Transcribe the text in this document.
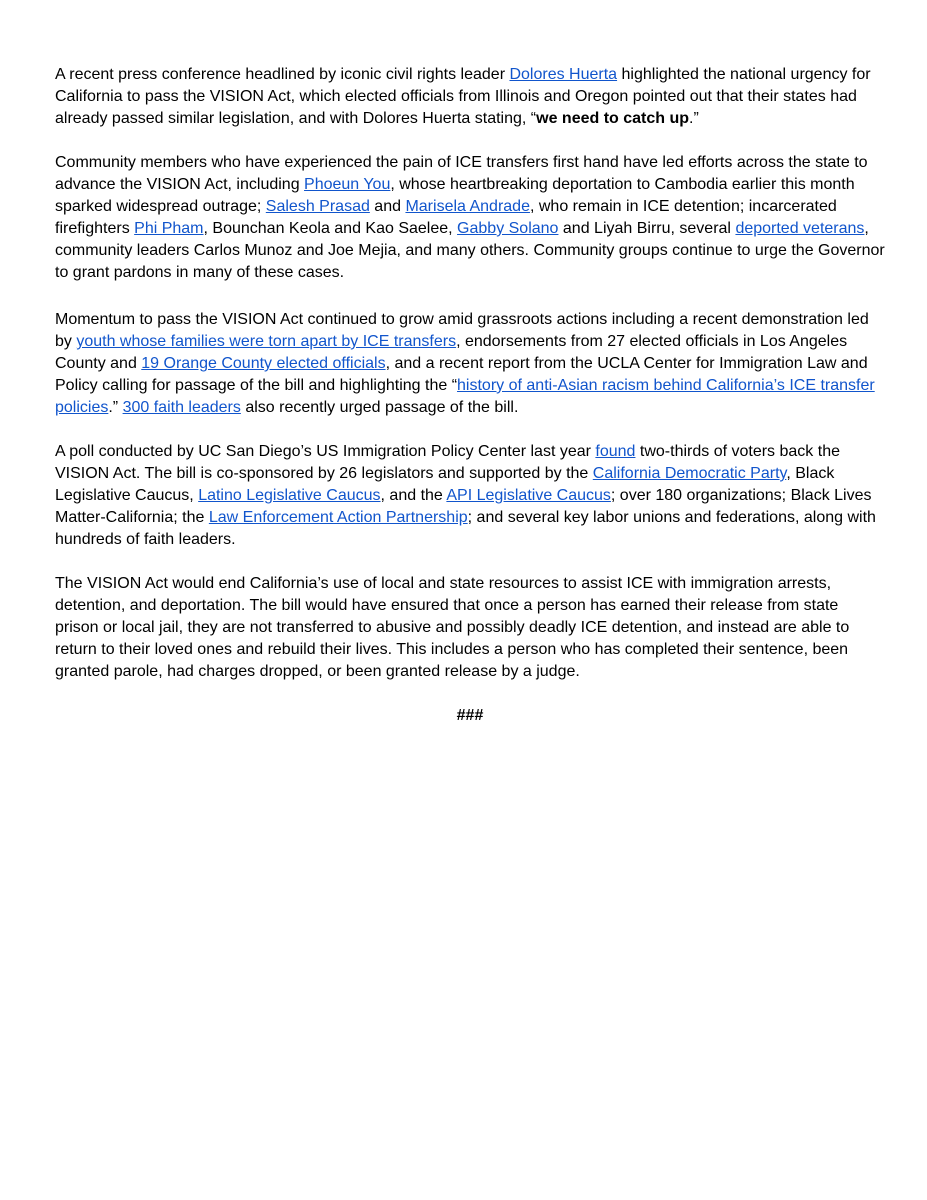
A recent press conference headlined by iconic civil rights leader Dolores Huerta highlighted the national urgency for California to pass the VISION Act, which elected officials from Illinois and Oregon pointed out that their states had already passed similar legislation, and with Dolores Huerta stating, “we need to catch up.”

Community members who have experienced the pain of ICE transfers first hand have led efforts across the state to advance the VISION Act, including Phoeun You, whose heartbreaking deportation to Cambodia earlier this month sparked widespread outrage; Salesh Prasad and Marisela Andrade, who remain in ICE detention; incarcerated firefighters Phi Pham, Bounchan Keola and Kao Saelee, Gabby Solano and Liyah Birru, several deported veterans, community leaders Carlos Munoz and Joe Mejia, and many others. Community groups continue to urge the Governor to grant pardons in many of these cases.

Momentum to pass the VISION Act continued to grow amid grassroots actions including a recent demonstration led by youth whose families were torn apart by ICE transfers, endorsements from 27 elected officials in Los Angeles County and 19 Orange County elected officials, and a recent report from the UCLA Center for Immigration Law and Policy calling for passage of the bill and highlighting the “history of anti-Asian racism behind California’s ICE transfer policies.” 300 faith leaders also recently urged passage of the bill.

A poll conducted by UC San Diego’s US Immigration Policy Center last year found two-thirds of voters back the VISION Act. The bill is co-sponsored by 26 legislators and supported by the California Democratic Party, Black Legislative Caucus, Latino Legislative Caucus, and the API Legislative Caucus; over 180 organizations; Black Lives Matter-California; the Law Enforcement Action Partnership; and several key labor unions and federations, along with hundreds of faith leaders.

The VISION Act would end California’s use of local and state resources to assist ICE with immigration arrests, detention, and deportation. The bill would have ensured that once a person has earned their release from state prison or local jail, they are not transferred to abusive and possibly deadly ICE detention, and instead are able to return to their loved ones and rebuild their lives. This includes a person who has completed their sentence, been granted parole, had charges dropped, or been granted release by a judge.

###
